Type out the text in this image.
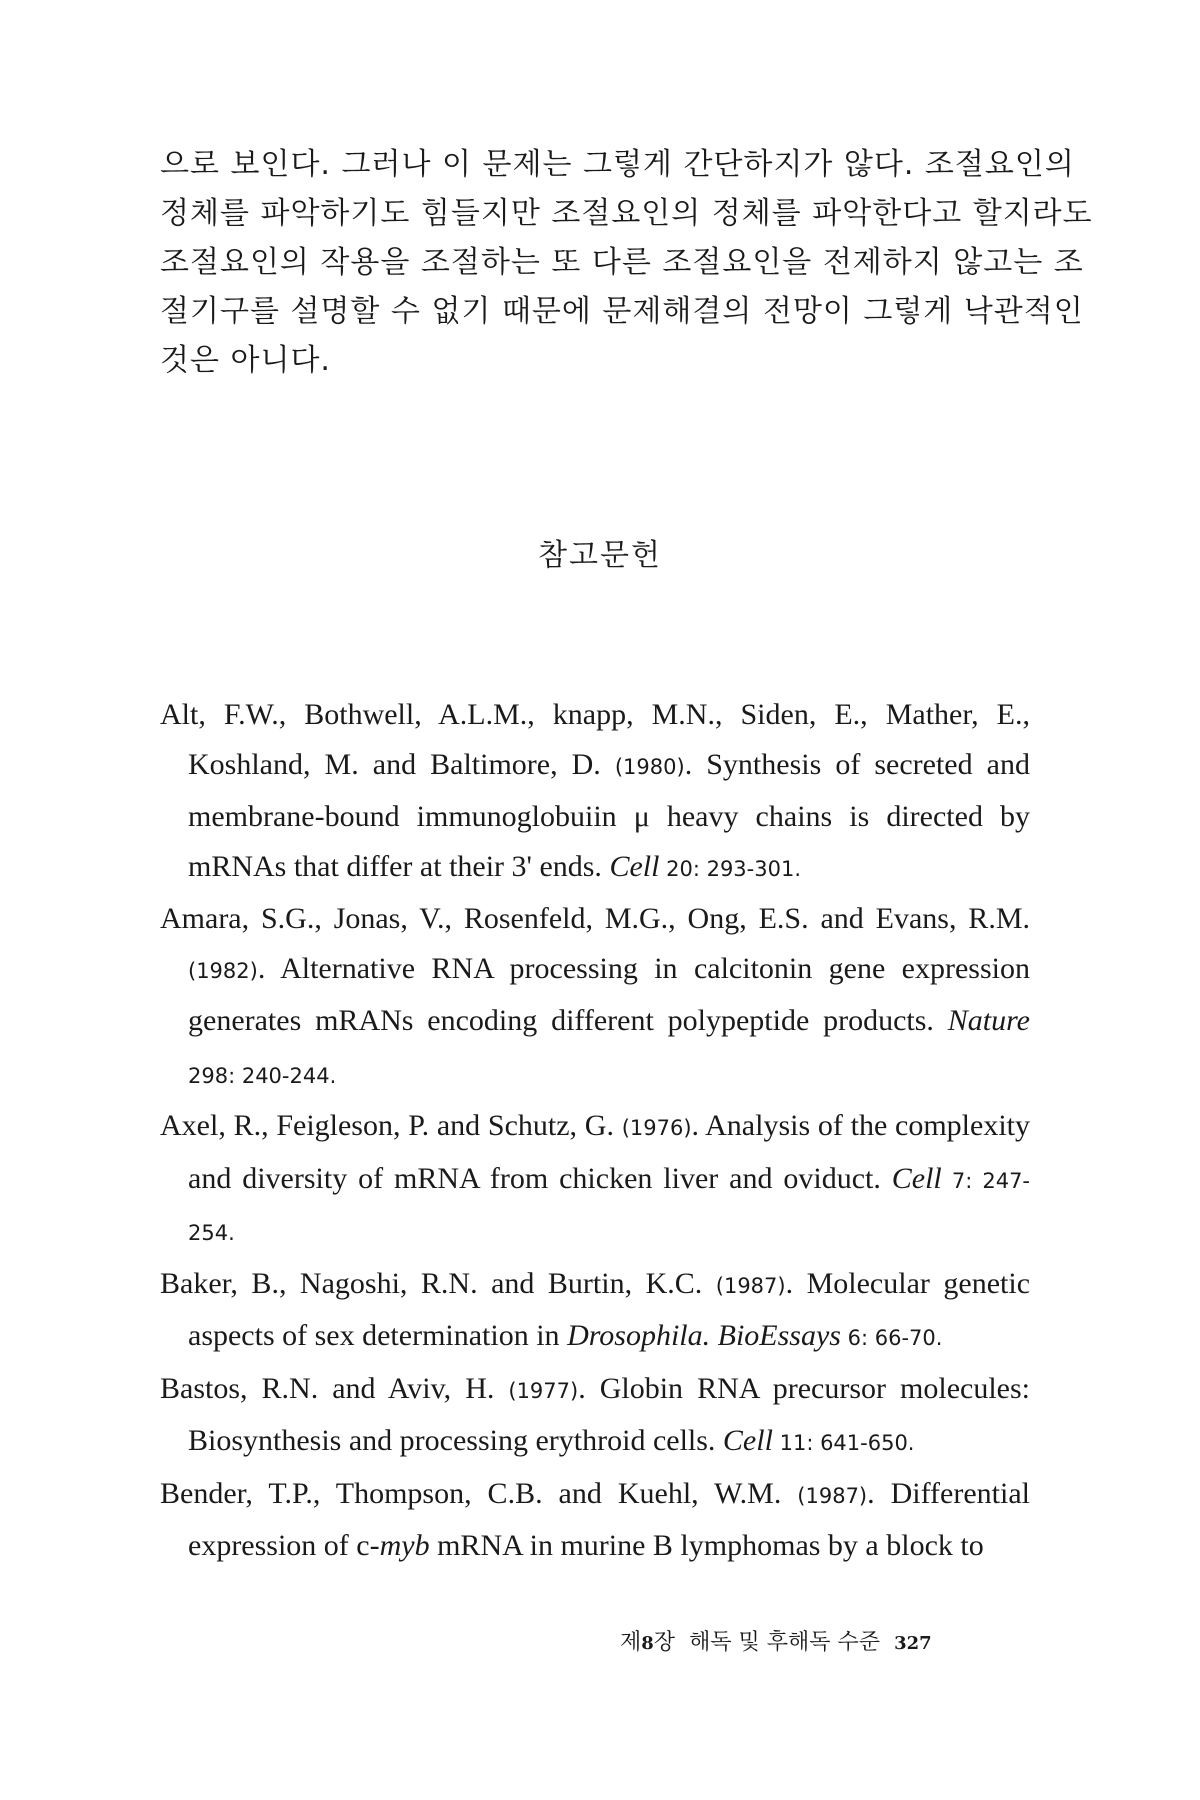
으로 보인다. 그러나 이 문제는 그렇게 간단하지가 않다. 조절요인의
정체를 파악하기도 힘들지만 조절요인의 정체를 파악한다고 할지라도
조절요인의 작용을 조절하는 또 다른 조절요인을 전제하지 않고는 조
절기구를 설명할 수 없기 때문에 문제해결의 전망이 그렇게 낙관적인
것은 아니다.

참고문헌
Alt, F.W., Bothwell, A.L.M., knapp, M.N., Siden, E., Mather, E., Koshland, M. and Baltimore, D. (1980). Synthesis of secreted and membrane-bound immunoglobuiin μ heavy chains is directed by mRNAs that differ at their 3' ends. Cell 20: 293-301.
Amara, S.G., Jonas, V., Rosenfeld, M.G., Ong, E.S. and Evans, R.M. (1982). Alternative RNA processing in calcitonin gene expression generates mRANs encoding different polypeptide products. Nature 298: 240-244.
Axel, R., Feigleson, P. and Schutz, G. (1976). Analysis of the complexity and diversity of mRNA from chicken liver and oviduct. Cell 7: 247-254.
Baker, B., Nagoshi, R.N. and Burtin, K.C. (1987). Molecular genetic aspects of sex determination in Drosophila. BioEssays 6: 66-70.
Bastos, R.N. and Aviv, H. (1977). Globin RNA precursor molecules: Biosynthesis and processing erythroid cells. Cell 11: 641-650.
Bender, T.P., Thompson, C.B. and Kuehl, W.M. (1987). Differential expression of c-myb mRNA in murine B lymphomas by a block to
제8장 해독 및 후해독 수준 327
